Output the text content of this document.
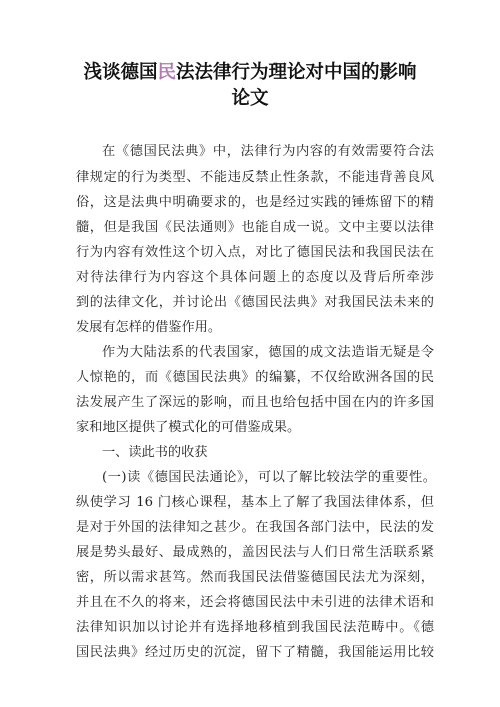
浅谈德国民法法律行为理论对中国的影响
论文
在《德国民法典》中，法律行为内容的有效需要符合法
律规定的行为类型、不能违反禁止性条款，不能违背善良风
俗，这是法典中明确要求的，也是经过实践的锤炼留下的精
髓，但是我国《民法通则》也能自成一说。文中主要以法律
行为内容有效性这个切入点，对比了德国民法和我国民法在
对待法律行为内容这个具体问题上的态度以及背后所牵涉
到的法律文化，并讨论出《德国民法典》对我国民法未来的
发展有怎样的借鉴作用。
作为大陆法系的代表国家，德国的成文法造诣无疑是令
人惊艳的，而《德国民法典》的编纂，不仅给欧洲各国的民
法发展产生了深远的影响，而且也给包括中国在内的许多国
家和地区提供了模式化的可借鉴成果。
一、读此书的收获
(一)读《德国民法通论》，可以了解比较法学的重要性。
纵使学习 16 门核心课程，基本上了解了我国法律体系，但
是对于外国的法律知之甚少。在我国各部门法中，民法的发
展是势头最好、最成熟的，盖因民法与人们日常生活联系紧
密，所以需求甚笃。然而我国民法借鉴德国民法尤为深刻，
并且在不久的将来，还会将德国民法中未引进的法律术语和
法律知识加以讨论并有选择地移植到我国民法范畴中。《德
国民法典》经过历史的沉淀，留下了精髓，我国能运用比较
